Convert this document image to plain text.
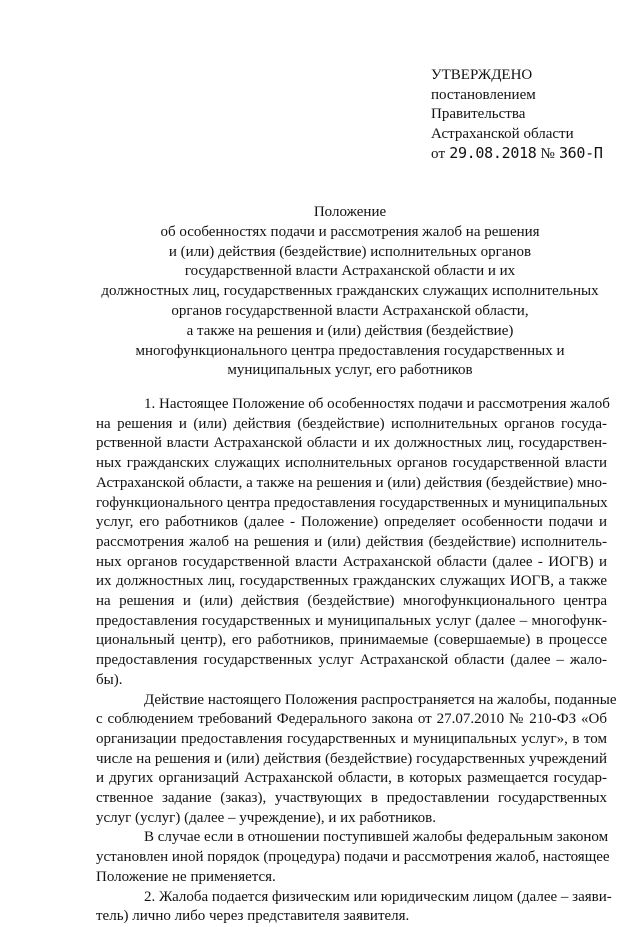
УТВЕРЖДЕНО
постановлением
Правительства
Астраханской области
от 29.08.2018 № 360-П
Положение
об особенностях подачи и рассмотрения жалоб на решения
и (или) действия (бездействие) исполнительных органов
государственной власти Астраханской области и их
должностных лиц, государственных гражданских служащих исполнительных
органов государственной власти Астраханской области,
а также на решения и (или) действия (бездействие)
многофункционального центра предоставления государственных и
муниципальных услуг, его работников
1. Настоящее Положение об особенностях подачи и рассмотрения жалоб
на решения и (или) действия (бездействие) исполнительных органов госуда-
рственной власти Астраханской области и их должностных лиц, государствен-
ных гражданских служащих исполнительных органов государственной власти
Астраханской области, а также на решения и (или) действия (бездействие) мно-
гофункционального центра предоставления государственных и муниципальных
услуг, его работников (далее - Положение) определяет особенности подачи и
рассмотрения жалоб на решения и (или) действия (бездействие) исполнитель-
ных органов государственной власти Астраханской области (далее - ИОГВ) и
их должностных лиц, государственных гражданских служащих ИОГВ, а также
на решения и (или) действия (бездействие) многофункционального центра
предоставления государственных и муниципальных услуг (далее – многофунк-
циональный центр), его работников, принимаемые (совершаемые) в процессе
предоставления государственных услуг Астраханской области (далее – жало-
бы).
Действие настоящего Положения распространяется на жалобы, поданные
с соблюдением требований Федерального закона от 27.07.2010 № 210-ФЗ «Об
организации предоставления государственных и муниципальных услуг», в том
числе на решения и (или) действия (бездействие) государственных учреждений
и других организаций Астраханской области, в которых размещается государ-
ственное задание (заказ), участвующих в предоставлении государственных
услуг (услуг) (далее – учреждение), и их работников.
В случае если в отношении поступившей жалобы федеральным законом
установлен иной порядок (процедура) подачи и рассмотрения жалоб, настоящее
Положение не применяется.
2. Жалоба подается физическим или юридическим лицом (далее – заяви-
тель) лично либо через представителя заявителя.
